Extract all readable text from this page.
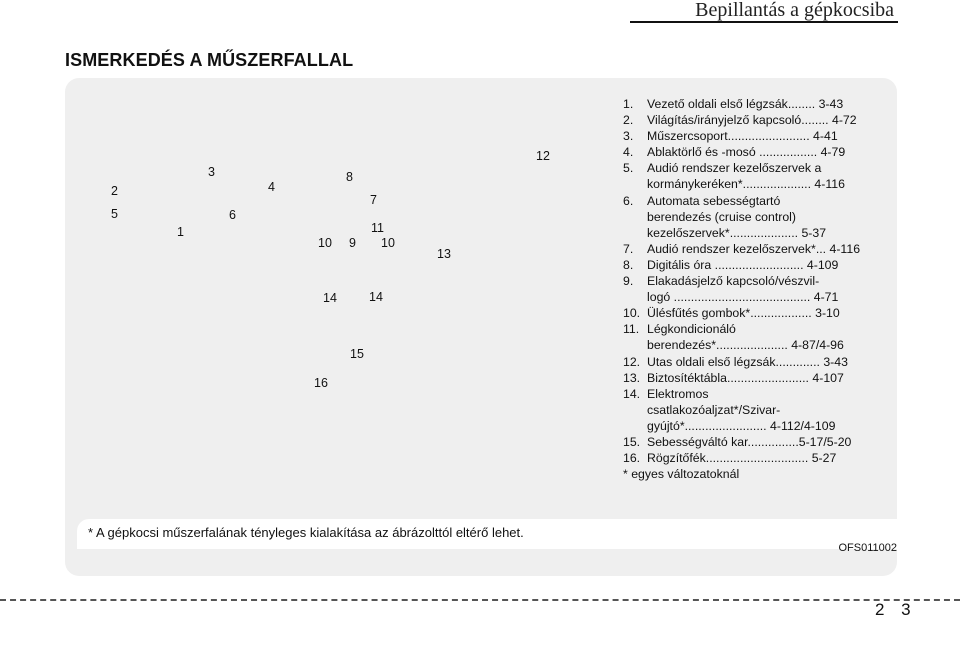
Bepillantás a gépkocsiba
ISMERKEDÉS A MŰSZERFALLAL
2
5
3
4
6
1
8
7
11
10 9 10
13
12
14	14
15
16
1.	Vezető oldali első légzsák........ 3-43
2.	Világítás/irányjelző kapcsoló........ 4-72
3.	Műszercsoport........................ 4-41
4.	Ablaktörlő és -mosó ................. 4-79
5.	Audió rendszer kezelőszervek a
kormánykeréken*.................... 4-116
6.	Automata sebességtartó
berendezés (cruise control)
kezelőszervek*.................... 5-37
7.	Audió rendszer kezelőszervek*... 4-116
8.	Digitális óra .......................... 4-109
9.	Elakadásjelző kapcsoló/vészvil-
logó ........................................ 4-71
10. Ülésfűtés gombok*.................. 3-10
11. Légkondicionáló
berendezés*..................... 4-87/4-96
12. Utas oldali első légzsák............. 3-43
13. Biztosítéktábla........................ 4-107
14. Elektromos
csatlakozóaljzat*/Szivar-
gyújtó*........................ 4-112/4-109
15. Sebességváltó kar...............5-17/5-20
16. Rögzítőfék.............................. 5-27
* egyes változatoknál
* A gépkocsi műszerfalának tényleges kialakítása az ábrázolttól eltérő lehet.
OFS011002
2 3
